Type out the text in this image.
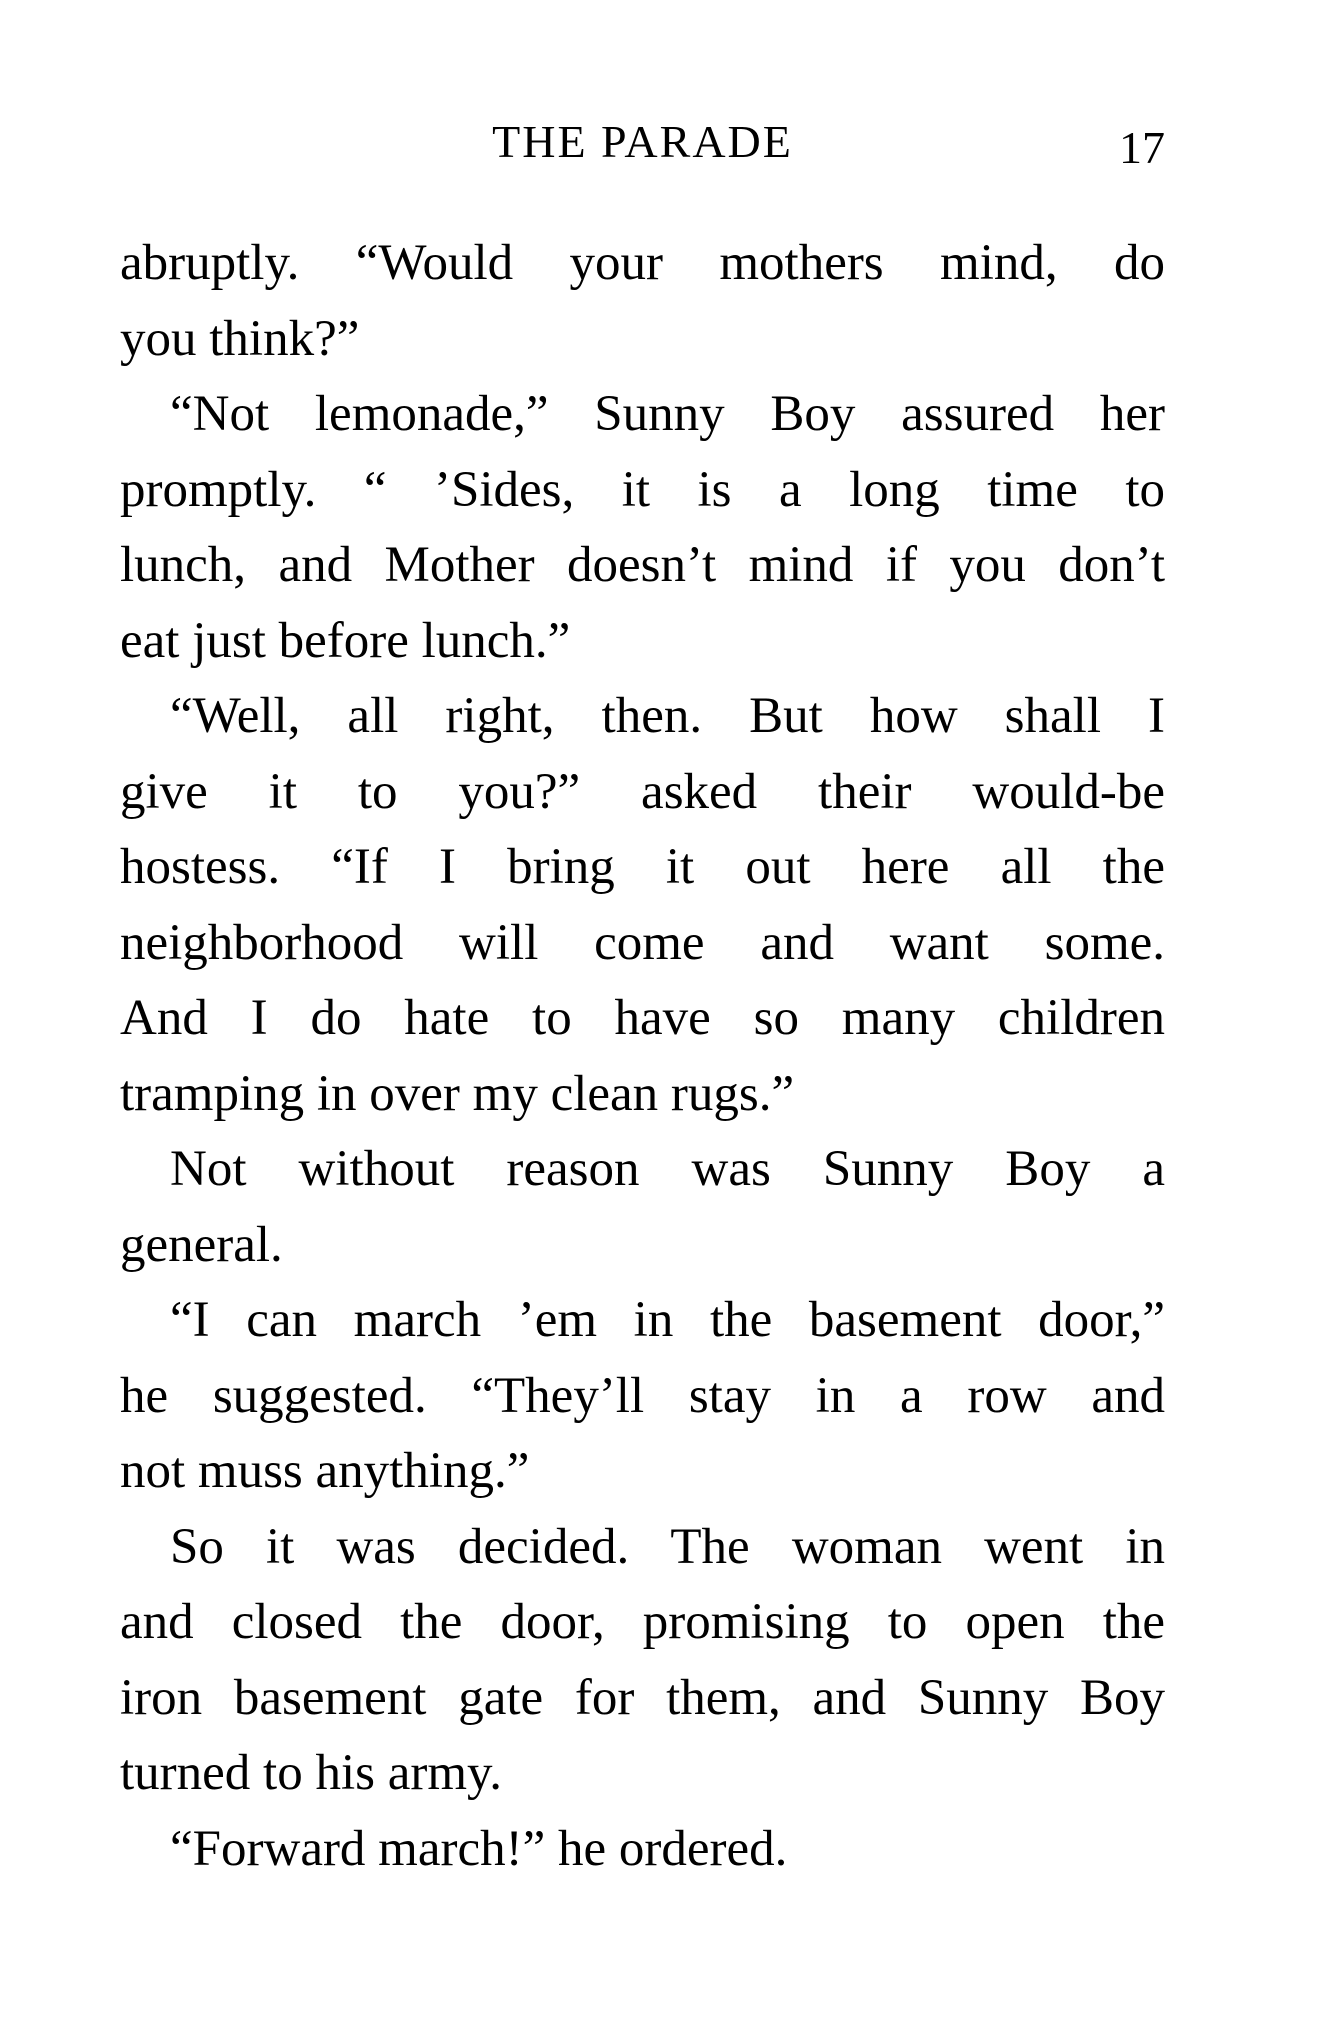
THE PARADE	17
abruptly. “Would your mothers mind, do
you think?”
“Not lemonade,” Sunny Boy assured her
promptly. “ ’Sides, it is a long time to
lunch, and Mother doesn’t mind if you don’t
eat just before lunch.”
“Well, all right, then. But how shall I
give it to you?” asked their would-be
hostess. “If I bring it out here all the
neighborhood will come and want some.
And I do hate to have so many children
tramping in over my clean rugs.”
Not without reason was Sunny Boy a
general.
“I can march ’em in the basement door,”
he suggested. “They’ll stay in a row and
not muss anything.”
So it was decided. The woman went in
and closed the door, promising to open the
iron basement gate for them, and Sunny Boy
turned to his army.
“Forward march!” he ordered.
